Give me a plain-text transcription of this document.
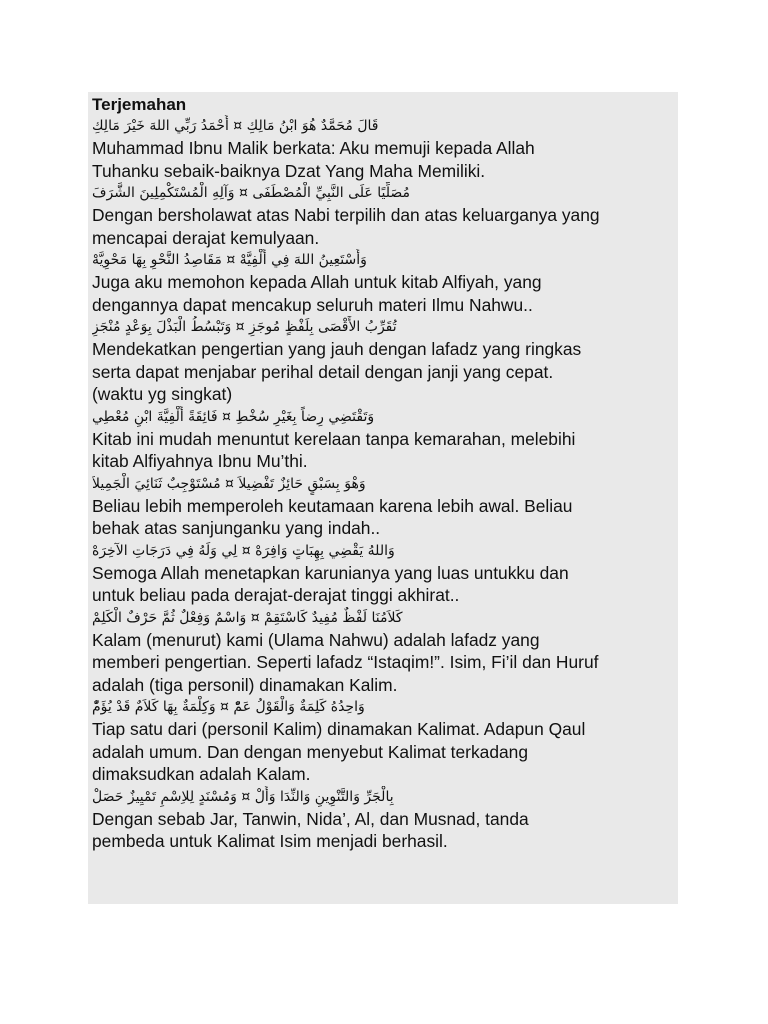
Terjemahan
قَالَ مُحَمَّدٌ هُوَ ابْنُ مَالِكِ ¤ أَحْمَدُ رَبِّي اللهَ خَيْرَ مَالِكِ
Muhammad Ibnu Malik berkata: Aku memuji kepada Allah
Tuhanku sebaik-baiknya Dzat Yang Maha Memiliki.
مُصَلِّيًا عَلَى النَّبِيِّ الْمُصْطَفَى ¤ وَآلِهِ الْمُسْتَكْمِلِينَ الشَّرَفَ
Dengan bersholawat atas Nabi terpilih dan atas keluarganya yang
mencapai derajat kemulyaan.
وَأَسْتَعِينُ اللهَ فِي أَلْفِيَّهْ ¤ مَقَاصِدُ النَّحْوِ بِهَا مَحْوِيَّهْ
Juga aku memohon kepada Allah untuk kitab Alfiyah, yang
dengannya dapat mencakup seluruh materi Ilmu Nahwu..
تُقَرِّبُ الأَقْصَى بِلَفْظٍ مُوجَزِ ¤ وَتَبْسُطُ الْبَذْلَ بِوَعْدٍ مُنْجَزِ
Mendekatkan pengertian yang jauh dengan lafadz yang ringkas
serta dapat menjabar perihal detail dengan janji yang cepat.
(waktu yg singkat)
وَتَقْتَضِي رِضاً بِغَيْرِ سُخْطِ ¤ فَائِقَةً أَلْفِيَّةَ ابْنِ مُعْطِي
Kitab ini mudah menuntut kerelaan tanpa kemarahan, melebihi
kitab Alfiyahnya Ibnu Mu’thi.
وَهْوَ بِسَبْقٍ حَائِزٌ تَفْضِيلاَ ¤ مُسْتَوْجِبٌ ثَنَائِيَ الْجَمِيلاَ
Beliau lebih memperoleh keutamaan karena lebih awal. Beliau
behak atas sanjunganku yang indah..
وَاللهُ يَقْضِي بِهِبَاتٍ وَافِرَهْ ¤ لِي وَلَهُ فِي دَرَجَاتِ الآخِرَهْ
Semoga Allah menetapkan karunianya yang luas untukku dan
untuk beliau pada derajat-derajat tinggi akhirat..
كَلاَمُنَا لَفْظٌ مُفِيدٌ كَاسْتَقِمْ ¤ وَاسْمٌ وَفِعْلٌ ثُمَّ حَرْفٌ الْكَلِمْ
Kalam (menurut) kami (Ulama Nahwu) adalah lafadz yang
memberi pengertian. Seperti lafadz “Istaqim!”. Isim, Fi’il dan Huruf
adalah (tiga personil) dinamakan Kalim.
وَاحِدُهُ كَلِمَةٌ وَالْقَوْلُ عَمّْ ¤ وَكِلْمَةٌ بِهَا كَلاَمٌ قَدْ يُؤَمّْ
Tiap satu dari (personil Kalim) dinamakan Kalimat. Adapun Qaul
adalah umum. Dan dengan menyebut Kalimat terkadang
dimaksudkan adalah Kalam.
بِالْجَرِّ وَالتَّنْوِينِ وَالنِّدَا وَأَلْ ¤ وَمُسْنَدٍ لِلاِسْمِ تَمْيِيزٌ حَصَلْ
Dengan sebab Jar, Tanwin, Nida’, Al, dan Musnad, tanda
pembeda untuk Kalimat Isim menjadi berhasil.
